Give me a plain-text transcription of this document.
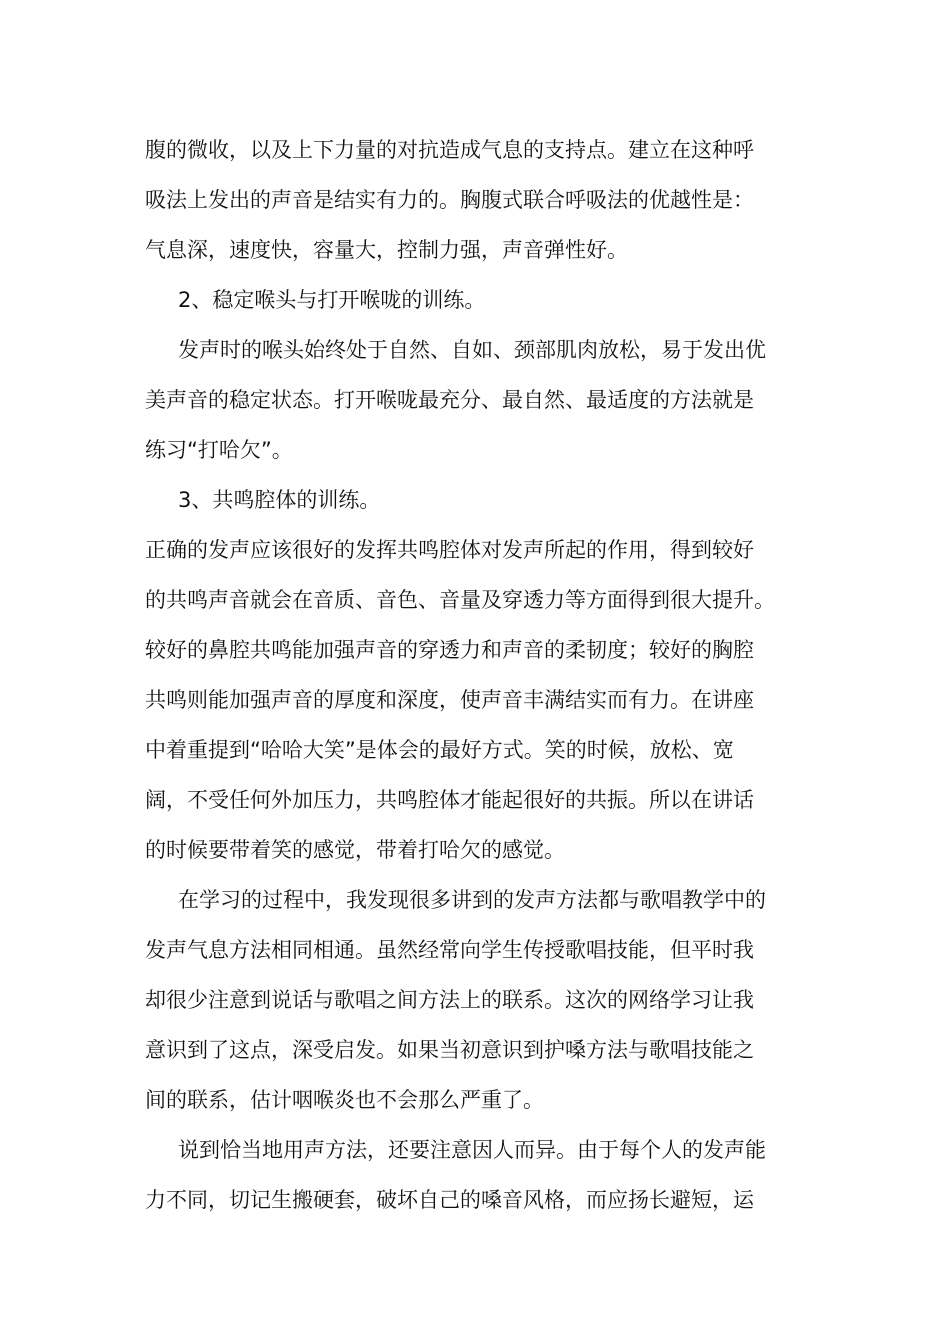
腹的微收，以及上下力量的对抗造成气息的支持点。建立在这种呼
吸法上发出的声音是结实有力的。胸腹式联合呼吸法的优越性是：
气息深，速度快，容量大，控制力强，声音弹性好。
2、稳定喉头与打开喉咙的训练。
发声时的喉头始终处于自然、自如、颈部肌肉放松，易于发出优
美声音的稳定状态。打开喉咙最充分、最自然、最适度的方法就是
练习“打哈欠”。
3、共鸣腔体的训练。
正确的发声应该很好的发挥共鸣腔体对发声所起的作用，得到较好
的共鸣声音就会在音质、音色、音量及穿透力等方面得到很大提升。
较好的鼻腔共鸣能加强声音的穿透力和声音的柔韧度；较好的胸腔
共鸣则能加强声音的厚度和深度，使声音丰满结实而有力。在讲座
中着重提到“哈哈大笑”是体会的最好方式。笑的时候，放松、宽
阔，不受任何外加压力，共鸣腔体才能起很好的共振。所以在讲话
的时候要带着笑的感觉，带着打哈欠的感觉。
在学习的过程中，我发现很多讲到的发声方法都与歌唱教学中的
发声气息方法相同相通。虽然经常向学生传授歌唱技能，但平时我
却很少注意到说话与歌唱之间方法上的联系。这次的网络学习让我
意识到了这点，深受启发。如果当初意识到护嗓方法与歌唱技能之
间的联系，估计咽喉炎也不会那么严重了。
说到恰当地用声方法，还要注意因人而异。由于每个人的发声能
力不同，切记生搬硬套，破坏自己的嗓音风格，而应扬长避短，运
